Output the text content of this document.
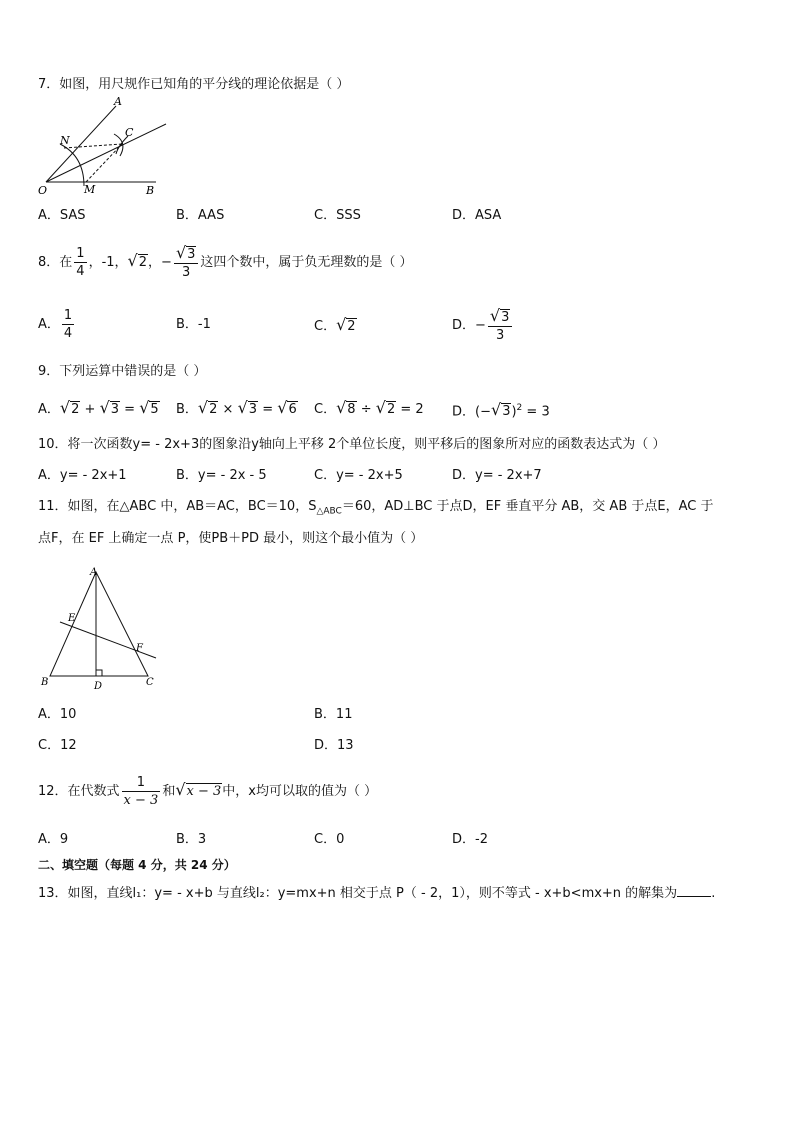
7．如图，用尺规作已知角的平分线的理论依据是（ ）
A
N
C
O	M	B
A．SAS	B．AAS	C．SSS	D．ASA
8．在 $\frac{1}{4}$ ，-1，√2，− $\frac{√3}{3}$ 这四个数中，属于负无理数的是（ ）
A． $\frac{1}{4}$	B．-1	C．√2	D．− $\frac{√3}{3}$
9．下列运算中错误的是（ ）
A．√2 + √3 = √5 B．√2 × √3 = √6 C．√8 ÷ √2 = 2 D．$(-√3)^2 = 3$
10．将一次函数y= - 2x+3的图象沿y轴向上平移 2个单位长度，则平移后的图象所对应的函数表达式为（ ）
A．y= - 2x+1	B．y= - 2x - 5	C．y= - 2x+5	D．y= - 2x+7
11．如图，在△ABC 中，AB＝AC，BC＝10，$S_{\triangle ABC}=60$，AD⊥BC 于点D，EF 垂直平分 AB，交 AB 于点E，AC 于
点F，在 EF 上确定一点 P，使PB＋PD 最小，则这个最小值为（ ）
A
E
F
B	D	C
A．10	B．11
C．12	D．13
12．在代数式 $\frac{1}{x - 3}$ 和√x − 3中，x均可以取的值为（ ）
A．9	B．3	C．0	D．-2
二、填空题（每题 4 分，共 24 分）
13．如图，直线l₁：y= - x+b 与直线l₂：y=mx+n 相交于点 P（ - 2，1），则不等式 - x+b<mx+n 的解集为	.
